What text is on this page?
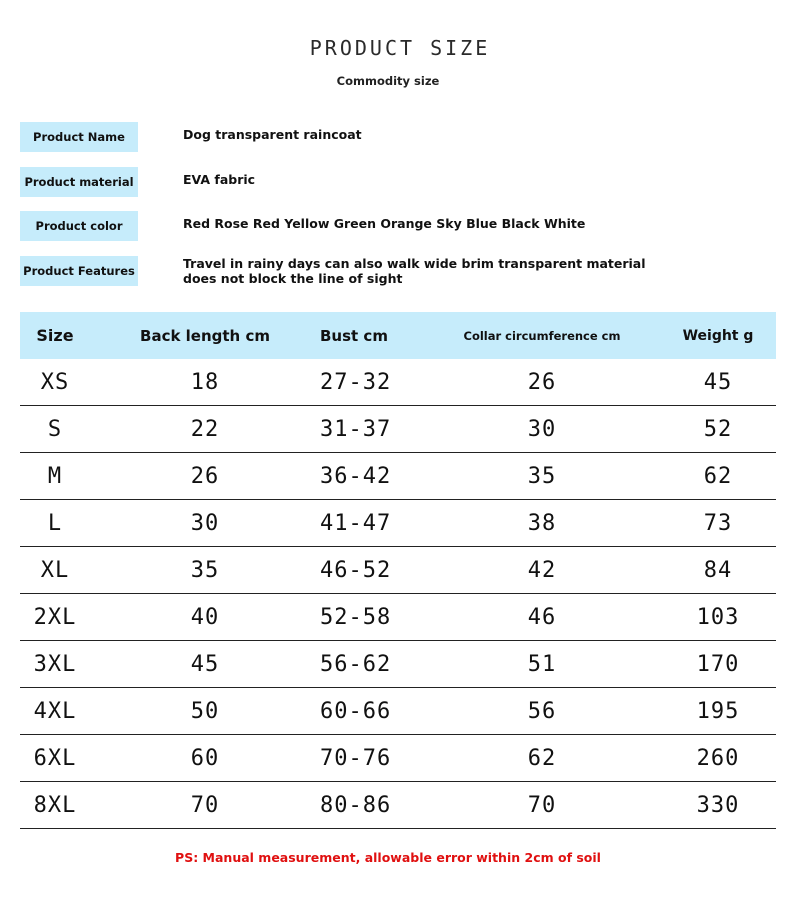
PRODUCT SIZE
Commodity size
Product Name	Dog transparent raincoat
Product material	EVA fabric
Product color	Red Rose Red Yellow Green Orange Sky Blue Black White
Product Features	Travel in rainy days can also walk wide brim transparent material does not block the line of sight
Size	Back length cm	Bust cm	Collar circumference cm	Weight g
XS	18	27-32	26	45
S	22	31-37	30	52
M	26	36-42	35	62
L	30	41-47	38	73
XL	35	46-52	42	84
2XL	40	52-58	46	103
3XL	45	56-62	51	170
4XL	50	60-66	56	195
6XL	60	70-76	62	260
8XL	70	80-86	70	330
PS: Manual measurement, allowable error within 2cm of soil
